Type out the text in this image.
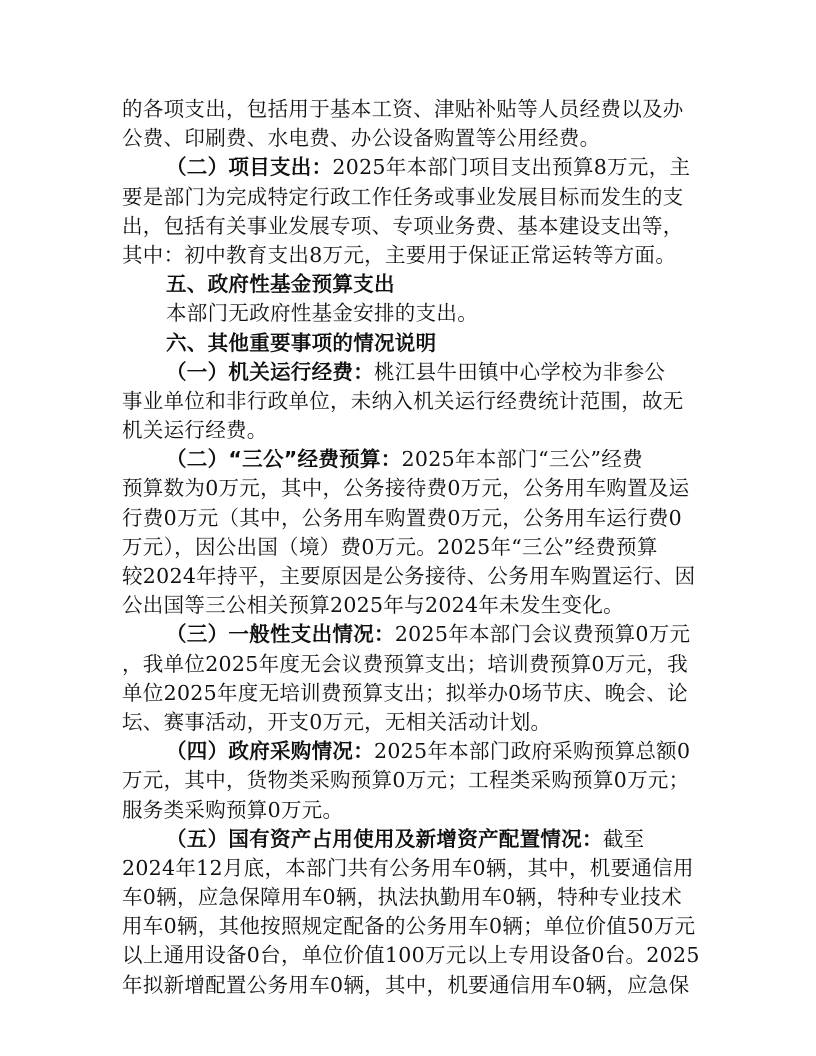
的各项支出，包括用于基本工资、津贴补贴等人员经费以及办
公费、印刷费、水电费、办公设备购置等公用经费。
（二）项目支出：2025年本部门项目支出预算8万元，主
要是部门为完成特定行政工作任务或事业发展目标而发生的支
出，包括有关事业发展专项、专项业务费、基本建设支出等，
其中：初中教育支出8万元，主要用于保证正常运转等方面。
五、政府性基金预算支出
本部门无政府性基金安排的支出。
六、其他重要事项的情况说明
（一）机关运行经费：桃江县牛田镇中心学校为非参公
事业单位和非行政单位，未纳入机关运行经费统计范围，故无
机关运行经费。
（二）“三公”经费预算：2025年本部门“三公”经费
预算数为0万元，其中，公务接待费0万元，公务用车购置及运
行费0万元（其中，公务用车购置费0万元，公务用车运行费0
万元），因公出国（境）费0万元。2025年“三公”经费预算
较2024年持平，主要原因是公务接待、公务用车购置运行、因
公出国等三公相关预算2025年与2024年未发生变化。
（三）一般性支出情况：2025年本部门会议费预算0万元
，我单位2025年度无会议费预算支出；培训费预算0万元，我
单位2025年度无培训费预算支出；拟举办0场节庆、晚会、论
坛、赛事活动，开支0万元，无相关活动计划。
（四）政府采购情况：2025年本部门政府采购预算总额0
万元，其中，货物类采购预算0万元；工程类采购预算0万元；
服务类采购预算0万元。
（五）国有资产占用使用及新增资产配置情况：截至
2024年12月底，本部门共有公务用车0辆，其中，机要通信用
车0辆，应急保障用车0辆，执法执勤用车0辆，特种专业技术
用车0辆，其他按照规定配备的公务用车0辆；单位价值50万元
以上通用设备0台，单位价值100万元以上专用设备0台。2025
年拟新增配置公务用车0辆，其中，机要通信用车0辆，应急保
